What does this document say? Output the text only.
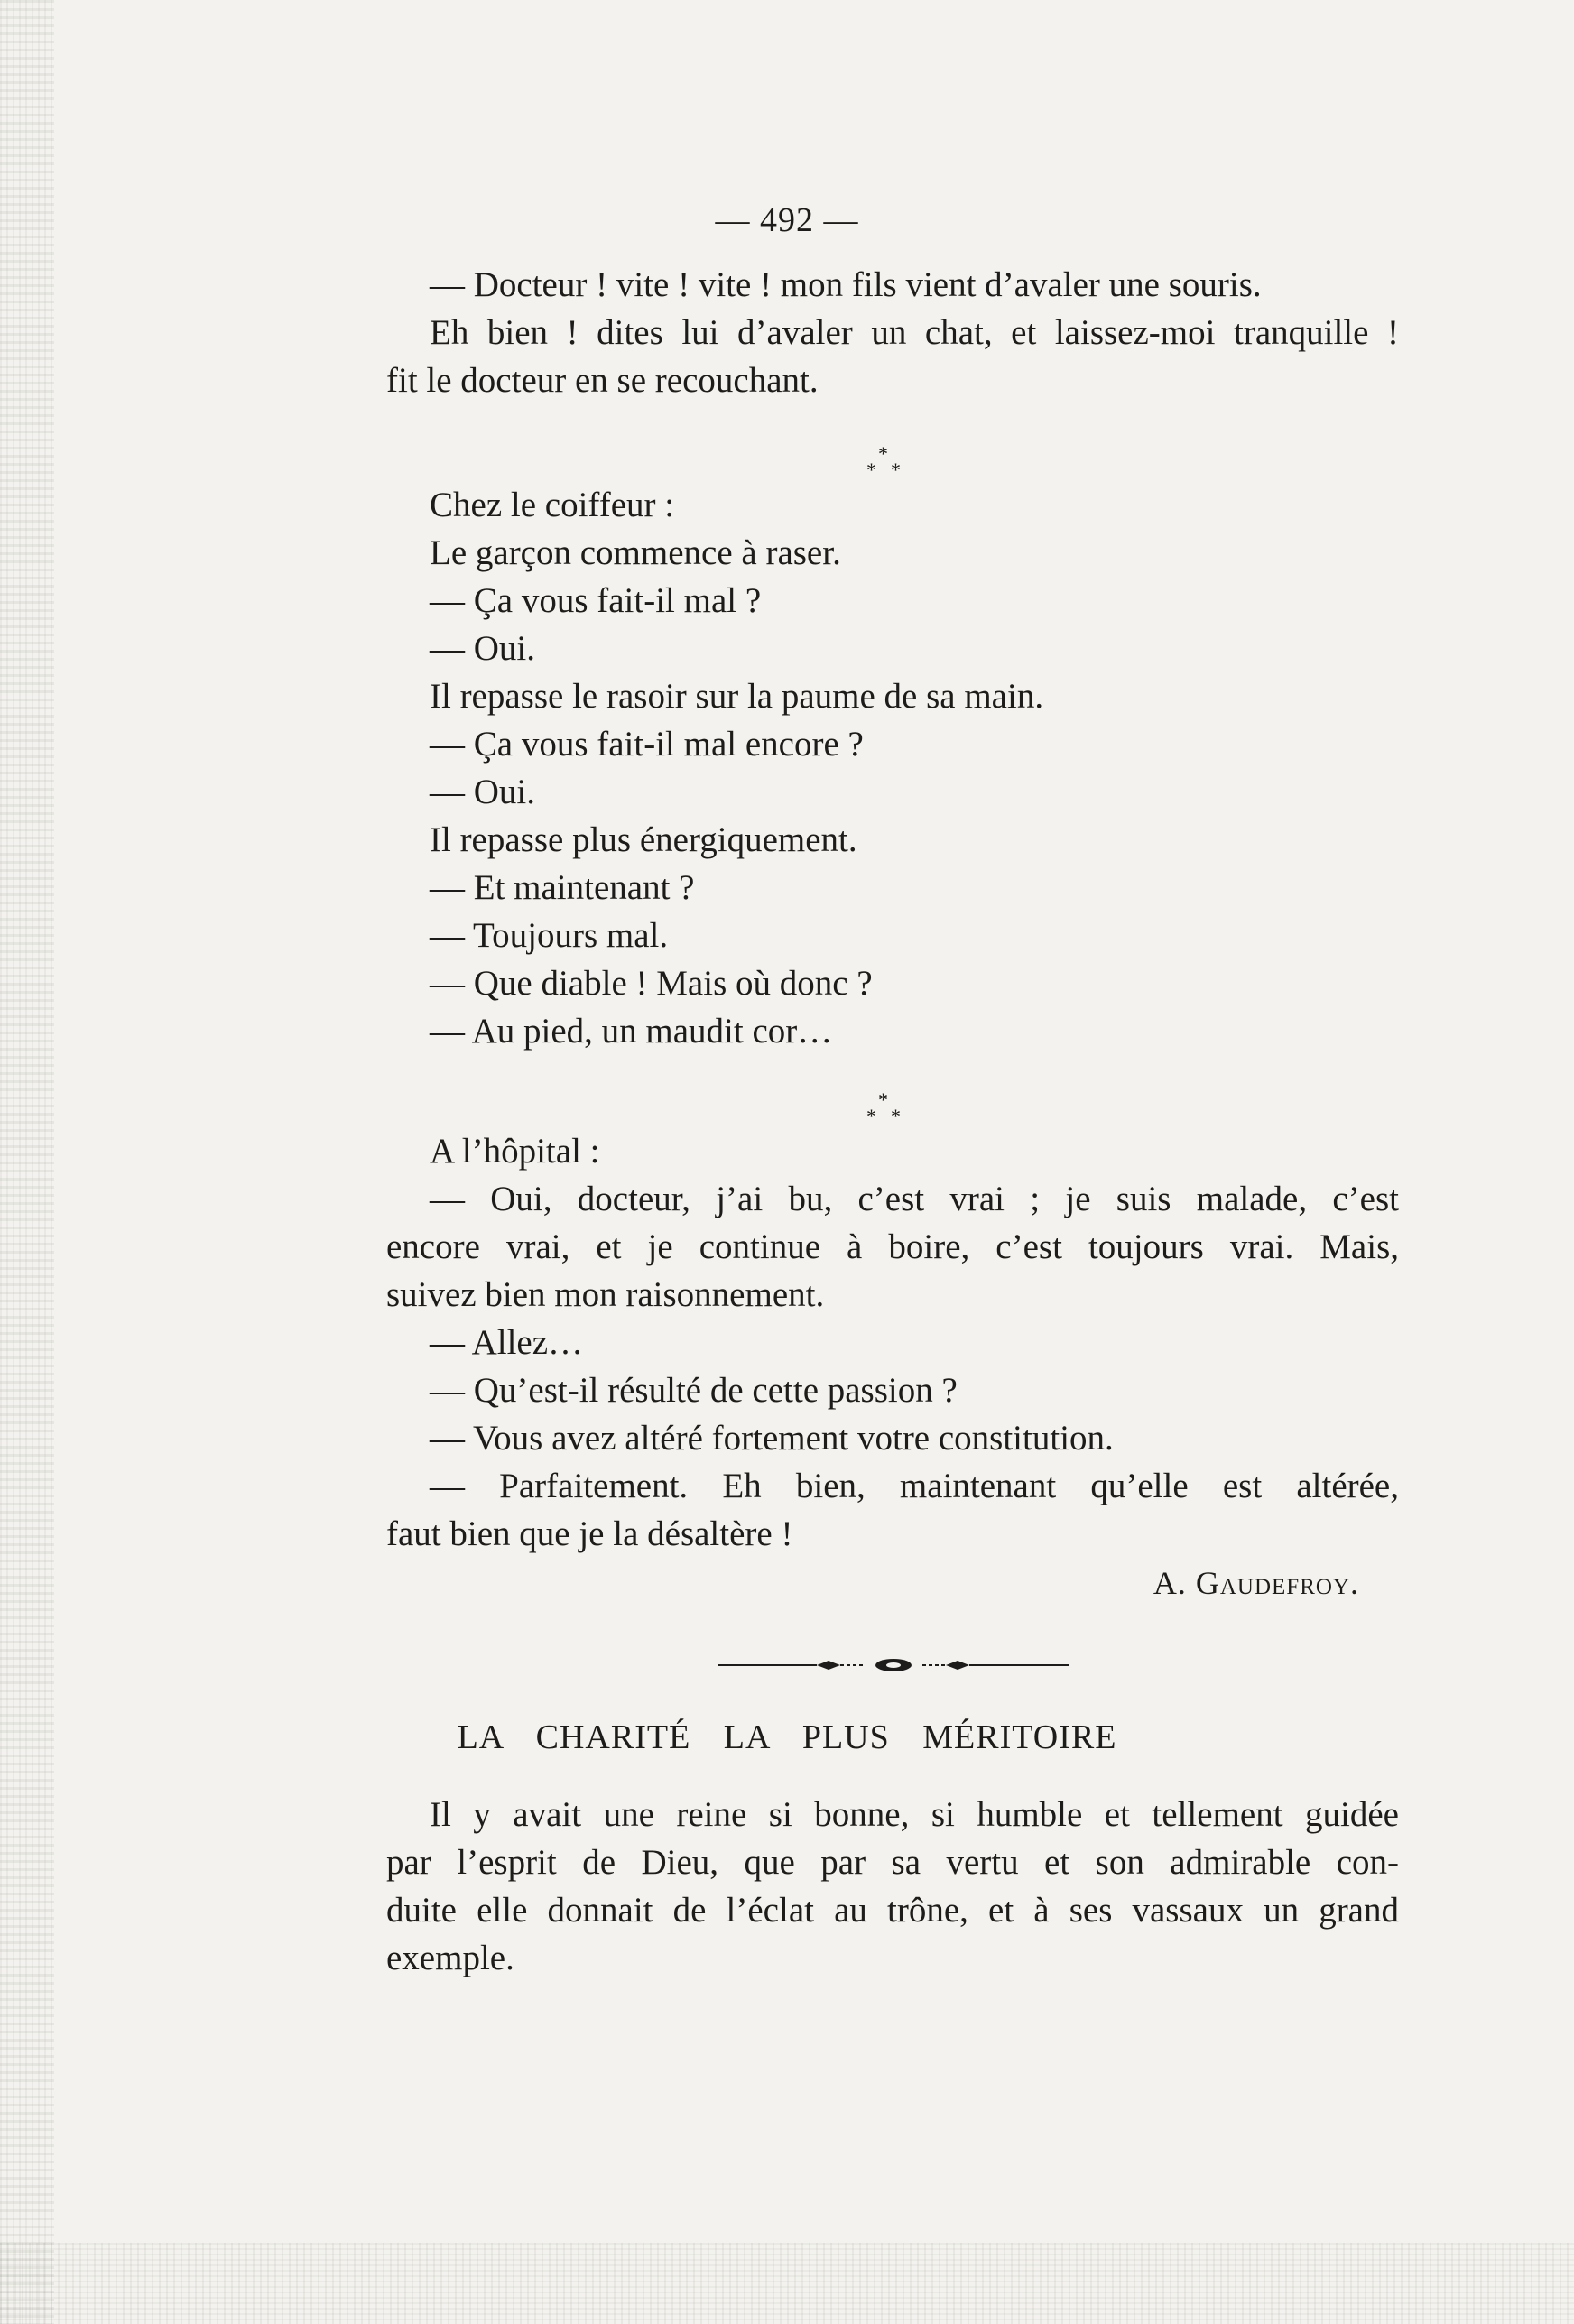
— 492 —
— Docteur ! vite ! vite ! mon fils vient d’avaler une souris.
Eh bien ! dites lui d’avaler un chat, et laissez-moi tranquille !
fit le docteur en se recouchant.
*
* *
Chez le coiffeur :
Le garçon commence à raser.
— Ça vous fait-il mal ?
— Oui.
Il repasse le rasoir sur la paume de sa main.
— Ça vous fait-il mal encore ?
— Oui.
Il repasse plus énergiquement.
— Et maintenant ?
— Toujours mal.
— Que diable ! Mais où donc ?
— Au pied, un maudit cor…
*
* *
A l’hôpital :
— Oui, docteur, j’ai bu, c’est vrai ; je suis malade, c’est
encore vrai, et je continue à boire, c’est toujours vrai. Mais,
suivez bien mon raisonnement.
— Allez…
— Qu’est-il résulté de cette passion ?
— Vous avez altéré fortement votre constitution.
— Parfaitement. Eh bien, maintenant qu’elle est altérée,
faut bien que je la désaltère !
A. Gaudefroy.
LA CHARITÉ LA PLUS MÉRITOIRE
Il y avait une reine si bonne, si humble et tellement guidée
par l’esprit de Dieu, que par sa vertu et son admirable con-
duite elle donnait de l’éclat au trône, et à ses vassaux un grand
exemple.
